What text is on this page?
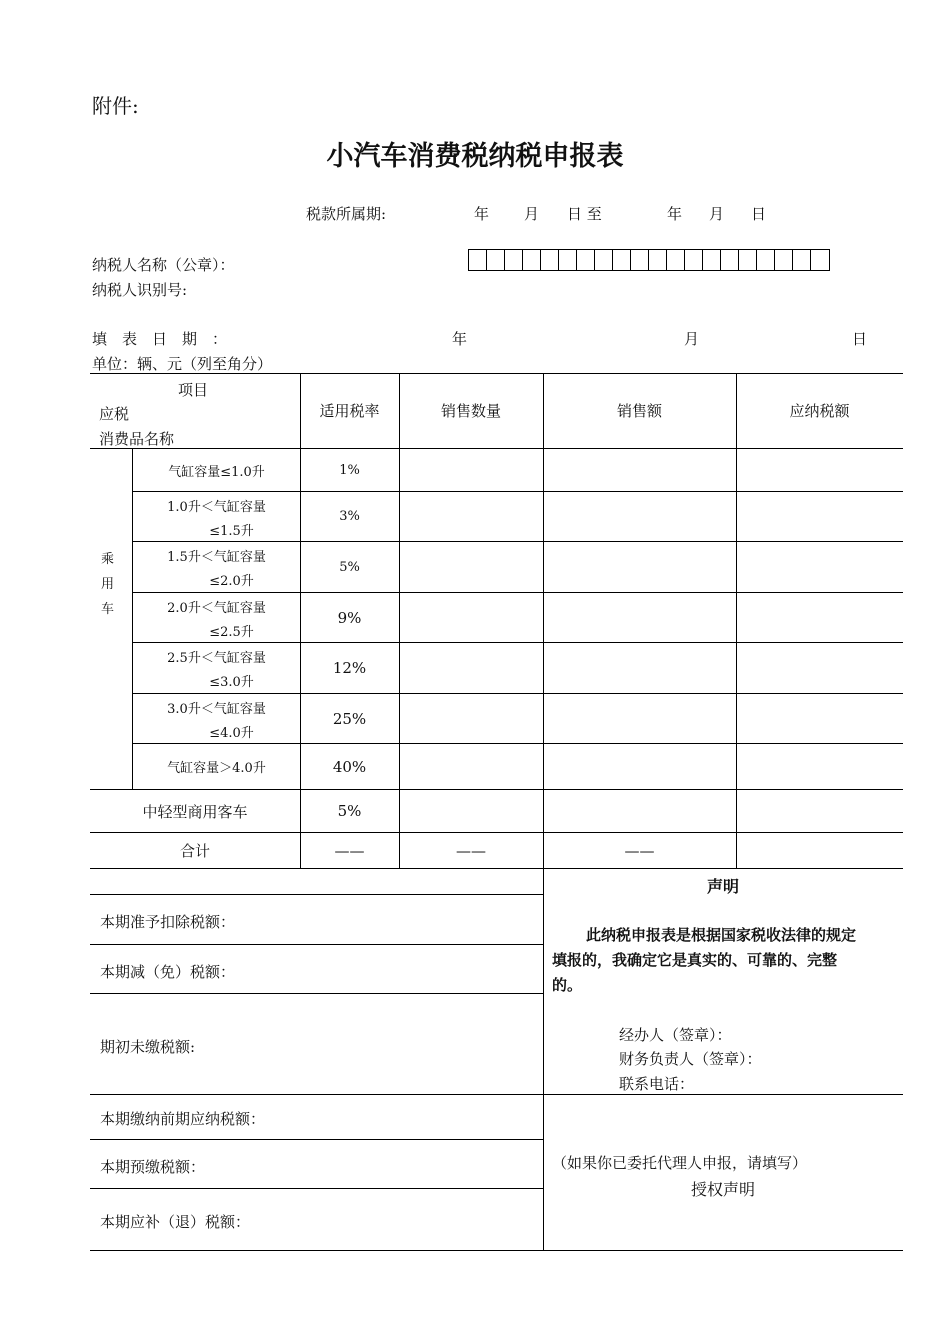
附件:
小汽车消费税纳税申报表
税款所属期:	年 月 日 至	年 月 日
纳税人名称（公章）：
纳税人识别号:
填　表　日　期　：	年	月	日
单位：辆、元（列至角分）
项目
应税
消费品名称
适用税率	销售数量	销售额	应纳税额
乘
用
车
气缸容量≤1.0升	1%
1.0升＜气缸容量
≤1.5升
3%
1.5升＜气缸容量
≤2.0升
5%
2.0升＜气缸容量
≤2.5升
9%
2.5升＜气缸容量
≤3.0升
12%
3.0升＜气缸容量
≤4.0升
25%
气缸容量＞4.0升	40%
中轻型商用客车	5%
合计	——	——	——
本期准予扣除税额：
本期减（免）税额：
期初未缴税额:
本期缴纳前期应纳税额：
本期预缴税额：
本期应补（退）税额：
声明
此纳税申报表是根据国家税收法律的规定
填报的，我确定它是真实的、可靠的、完整
的。
经办人（签章）：
财务负责人（签章）：
联系电话：
（如果你已委托代理人申报，请填写）
授权声明
